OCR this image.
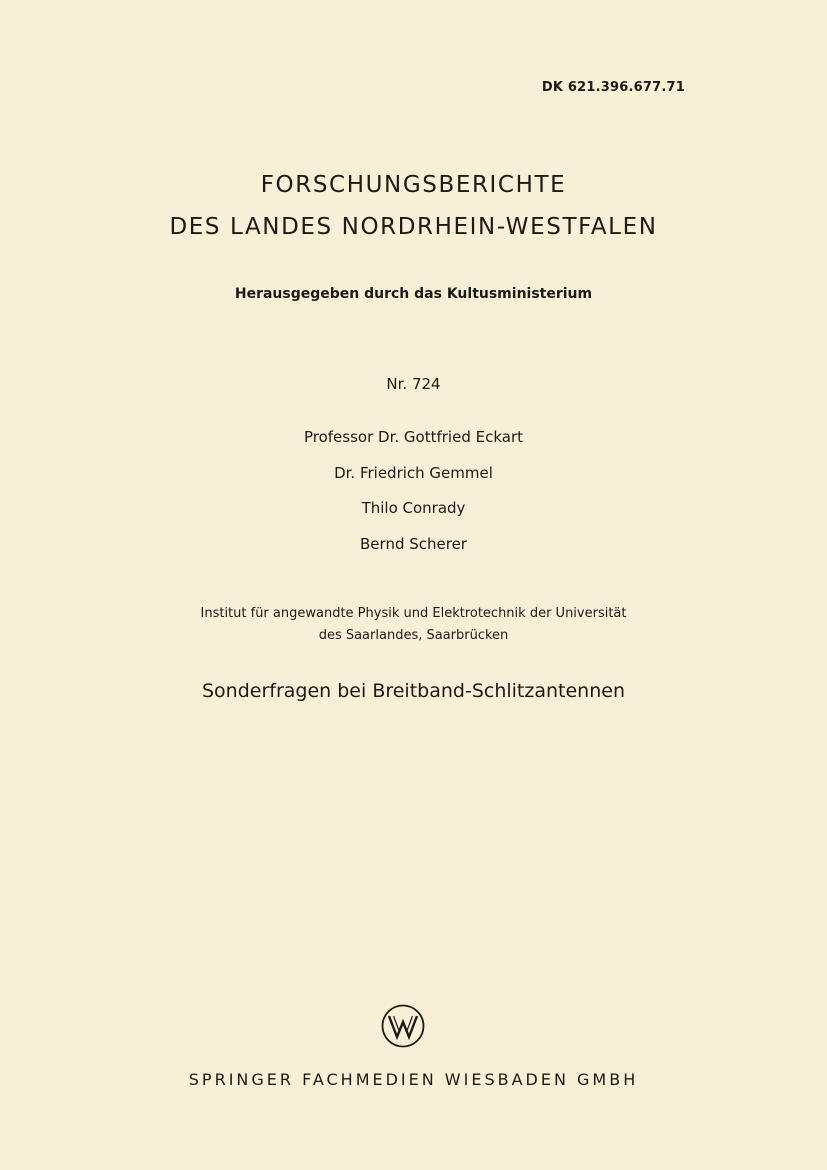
DK 621.396.677.71
FORSCHUNGSBERICHTE
DES LANDES NORDRHEIN-WESTFALEN
Herausgegeben durch das Kultusministerium
Nr. 724
Professor Dr. Gottfried Eckart
Dr. Friedrich Gemmel
Thilo Conrady
Bernd Scherer
Institut für angewandte Physik und Elektrotechnik der Universität
des Saarlandes, Saarbrücken
Sonderfragen bei Breitband-Schlitzantennen
SPRINGER FACHMEDIEN WIESBADEN GMBH
